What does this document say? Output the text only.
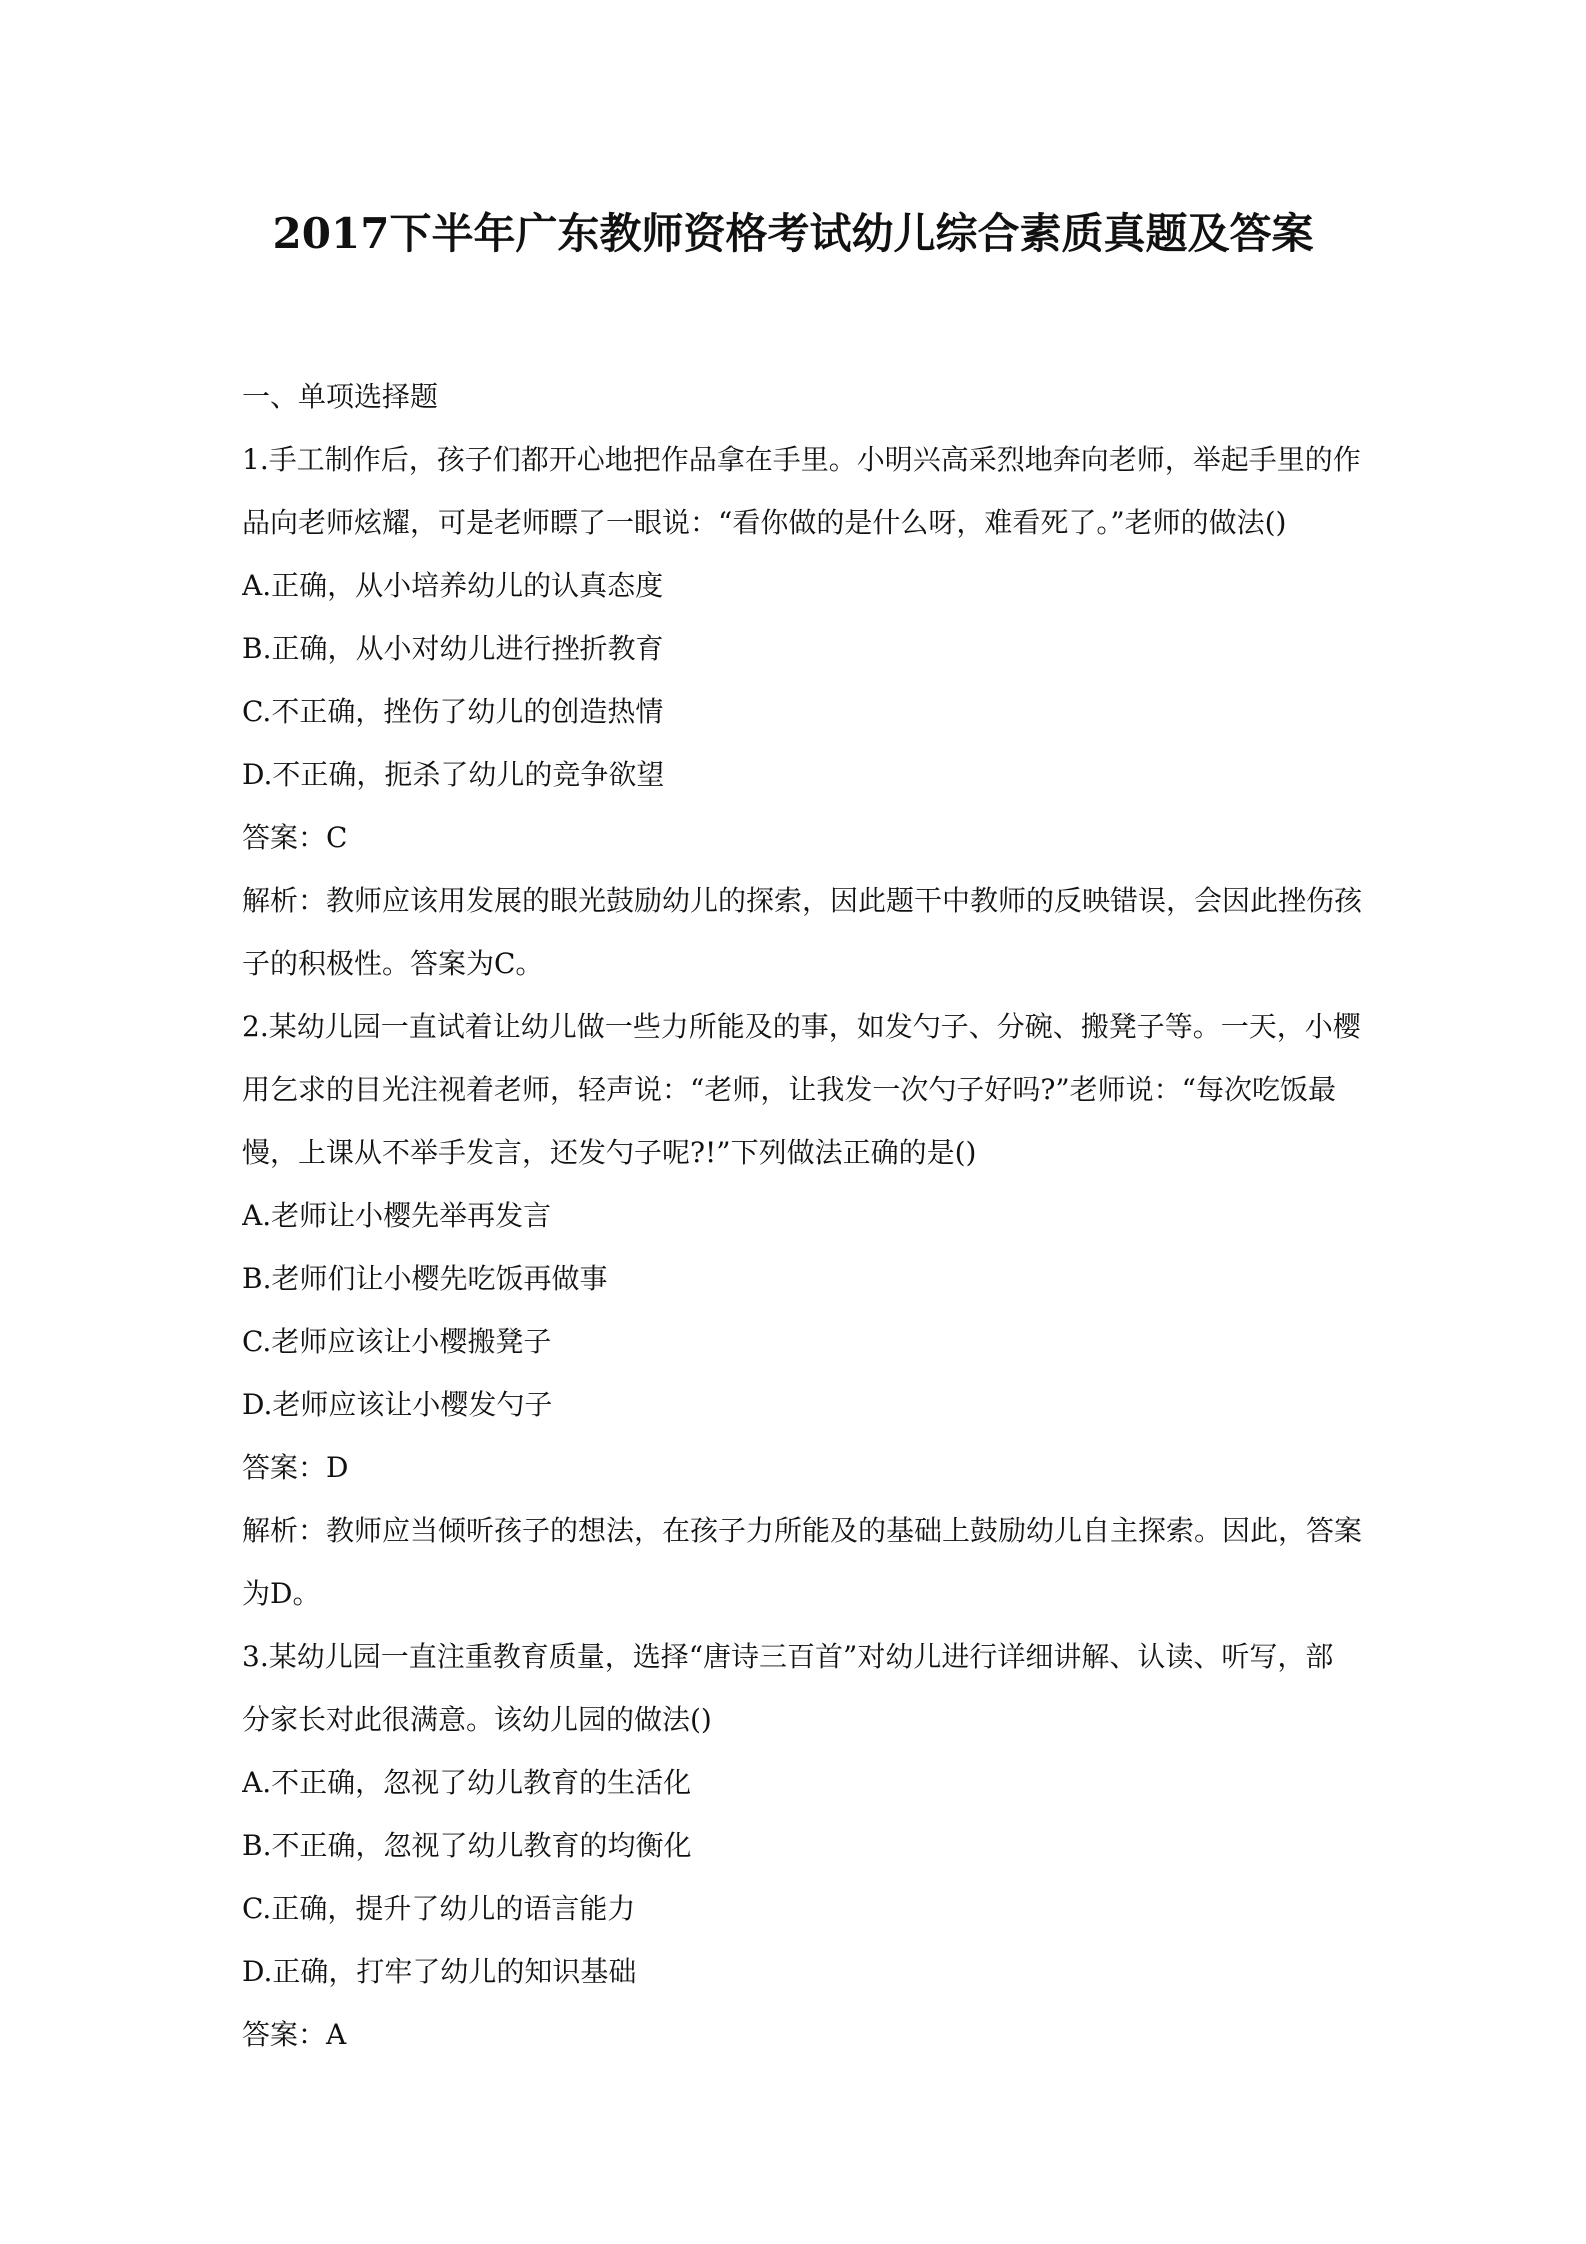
2017下半年广东教师资格考试幼儿综合素质真题及答案
一、单项选择题
1.手工制作后，孩子们都开心地把作品拿在手里。小明兴高采烈地奔向老师，举起手里的作
品向老师炫耀，可是老师瞟了一眼说：“看你做的是什么呀，难看死了。”老师的做法()
A.正确，从小培养幼儿的认真态度
B.正确，从小对幼儿进行挫折教育
C.不正确，挫伤了幼儿的创造热情
D.不正确，扼杀了幼儿的竞争欲望
答案：C
解析：教师应该用发展的眼光鼓励幼儿的探索，因此题干中教师的反映错误，会因此挫伤孩
子的积极性。答案为C。
2.某幼儿园一直试着让幼儿做一些力所能及的事，如发勺子、分碗、搬凳子等。一天，小樱
用乞求的目光注视着老师，轻声说：“老师，让我发一次勺子好吗?”老师说：“每次吃饭最
慢，上课从不举手发言，还发勺子呢?!”下列做法正确的是()
A.老师让小樱先举再发言
B.老师们让小樱先吃饭再做事
C.老师应该让小樱搬凳子
D.老师应该让小樱发勺子
答案：D
解析：教师应当倾听孩子的想法，在孩子力所能及的基础上鼓励幼儿自主探索。因此，答案
为D。
3.某幼儿园一直注重教育质量，选择“唐诗三百首”对幼儿进行详细讲解、认读、听写，部
分家长对此很满意。该幼儿园的做法()
A.不正确，忽视了幼儿教育的生活化
B.不正确，忽视了幼儿教育的均衡化
C.正确，提升了幼儿的语言能力
D.正确，打牢了幼儿的知识基础
答案：A
